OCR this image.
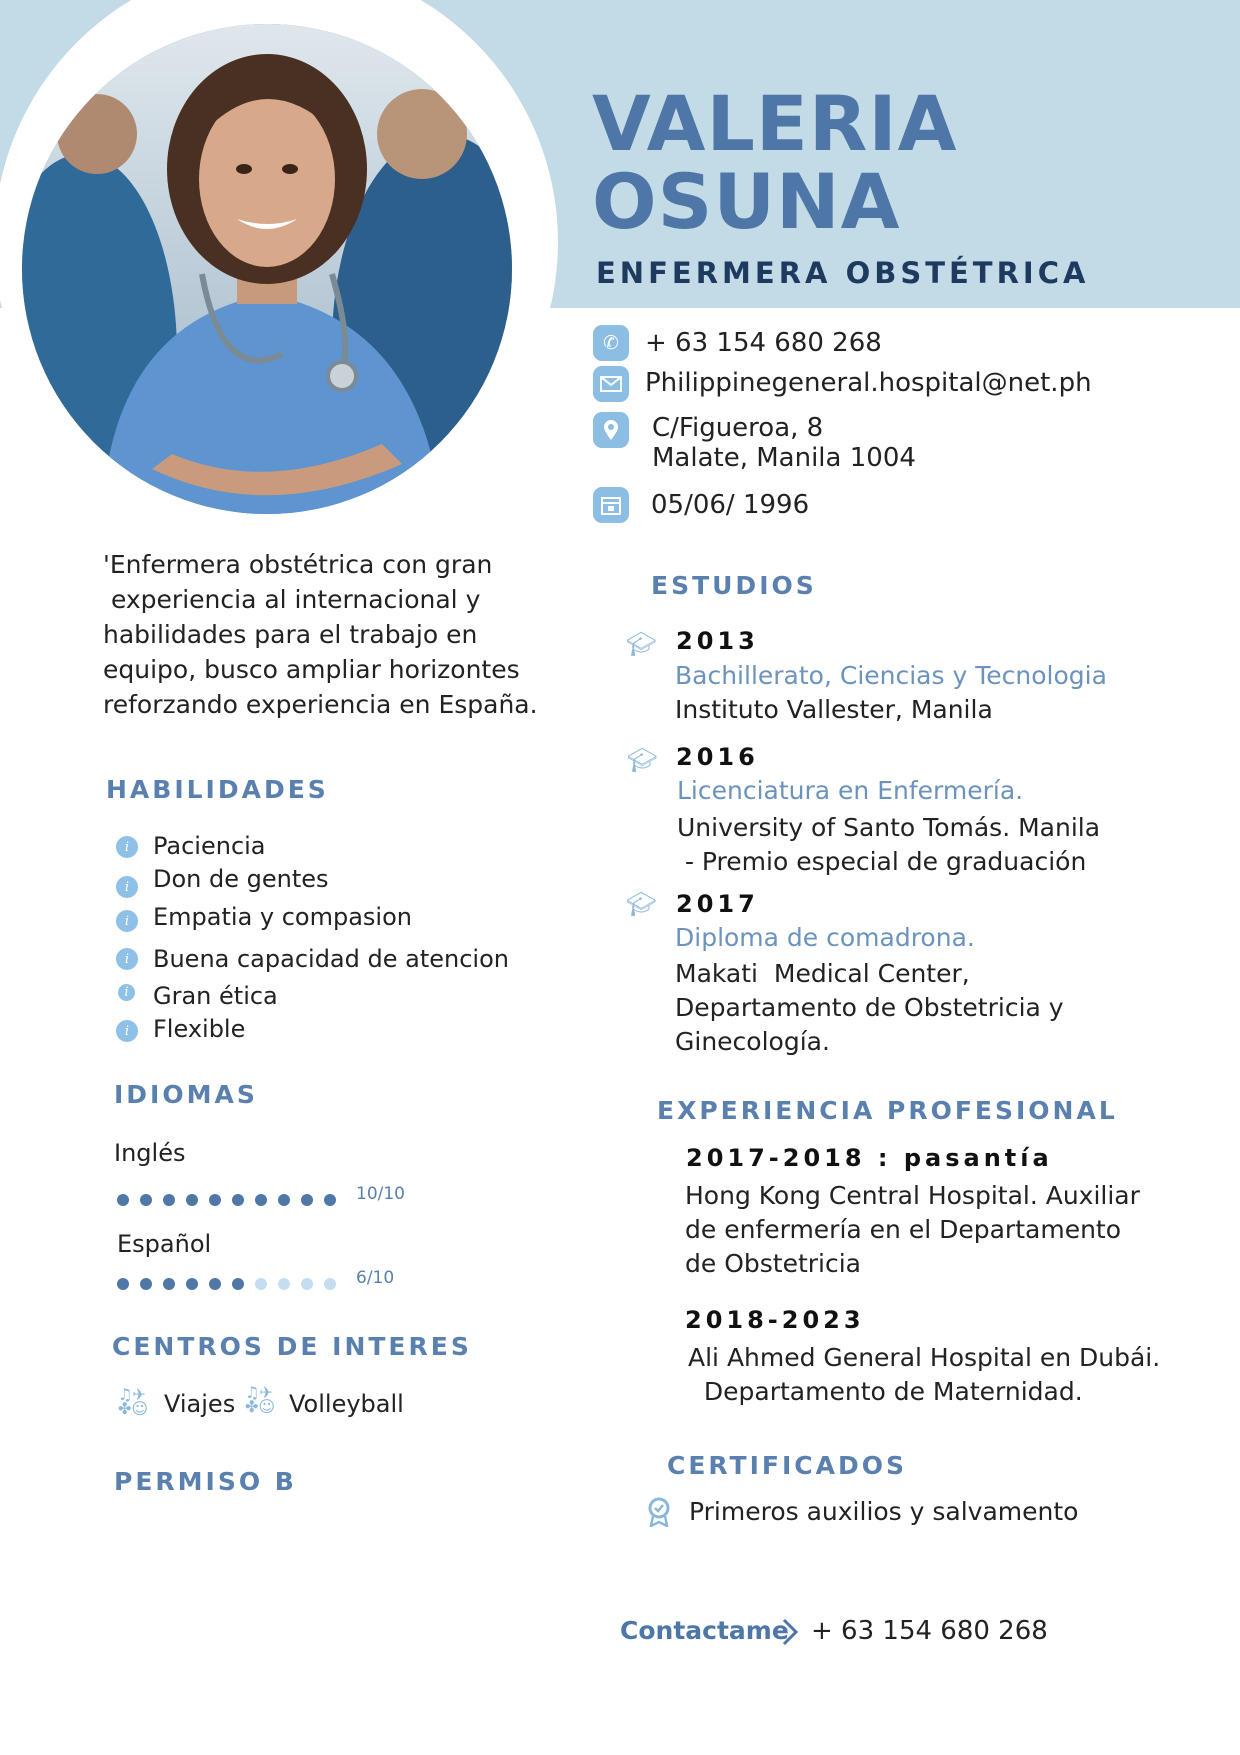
VALERIA
OSUNA
ENFERMERA OBSTÉTRICA
✆	+ 63 154 680 268
Philippinegeneral.hospital@net.ph
C/Figueroa, 8
Malate, Manila 1004
05/06/ 1996
'Enfermera obstétrica con gran
experiencia al internacional y
habilidades para el trabajo en
equipo, busco ampliar horizontes
reforzando experiencia en España.
HABILIDADES
i Paciencia
i Don de gentes
i Empatia y compasion
i Buena capacidad de atencion
i Gran ética
i Flexible
IDIOMAS
Inglés
10/10
Español
6/10
CENTROS DE INTERES
♫✈
✤☺ Viajes ♫✈
✤☺ Volleyball
PERMISO B
ESTUDIOS
🎓︎ 2013
Bachillerato, Ciencias y Tecnologia
Instituto Vallester, Manila
🎓︎ 2016
Licenciatura en Enfermería.
University of Santo Tomás. Manila
- Premio especial de graduación
🎓︎ 2017
Diploma de comadrona.
Makati  Medical Center,
Departamento de Obstetricia y
Ginecología.
EXPERIENCIA PROFESIONAL
2017-2018 : pasantía
Hong Kong Central Hospital. Auxiliar
de enfermería en el Departamento
de Obstetricia
2018-2023
Ali Ahmed General Hospital en Dubái.
Departamento de Maternidad.
CERTIFICADOS
Primeros auxilios y salvamento
Contactame + 63 154 680 268
